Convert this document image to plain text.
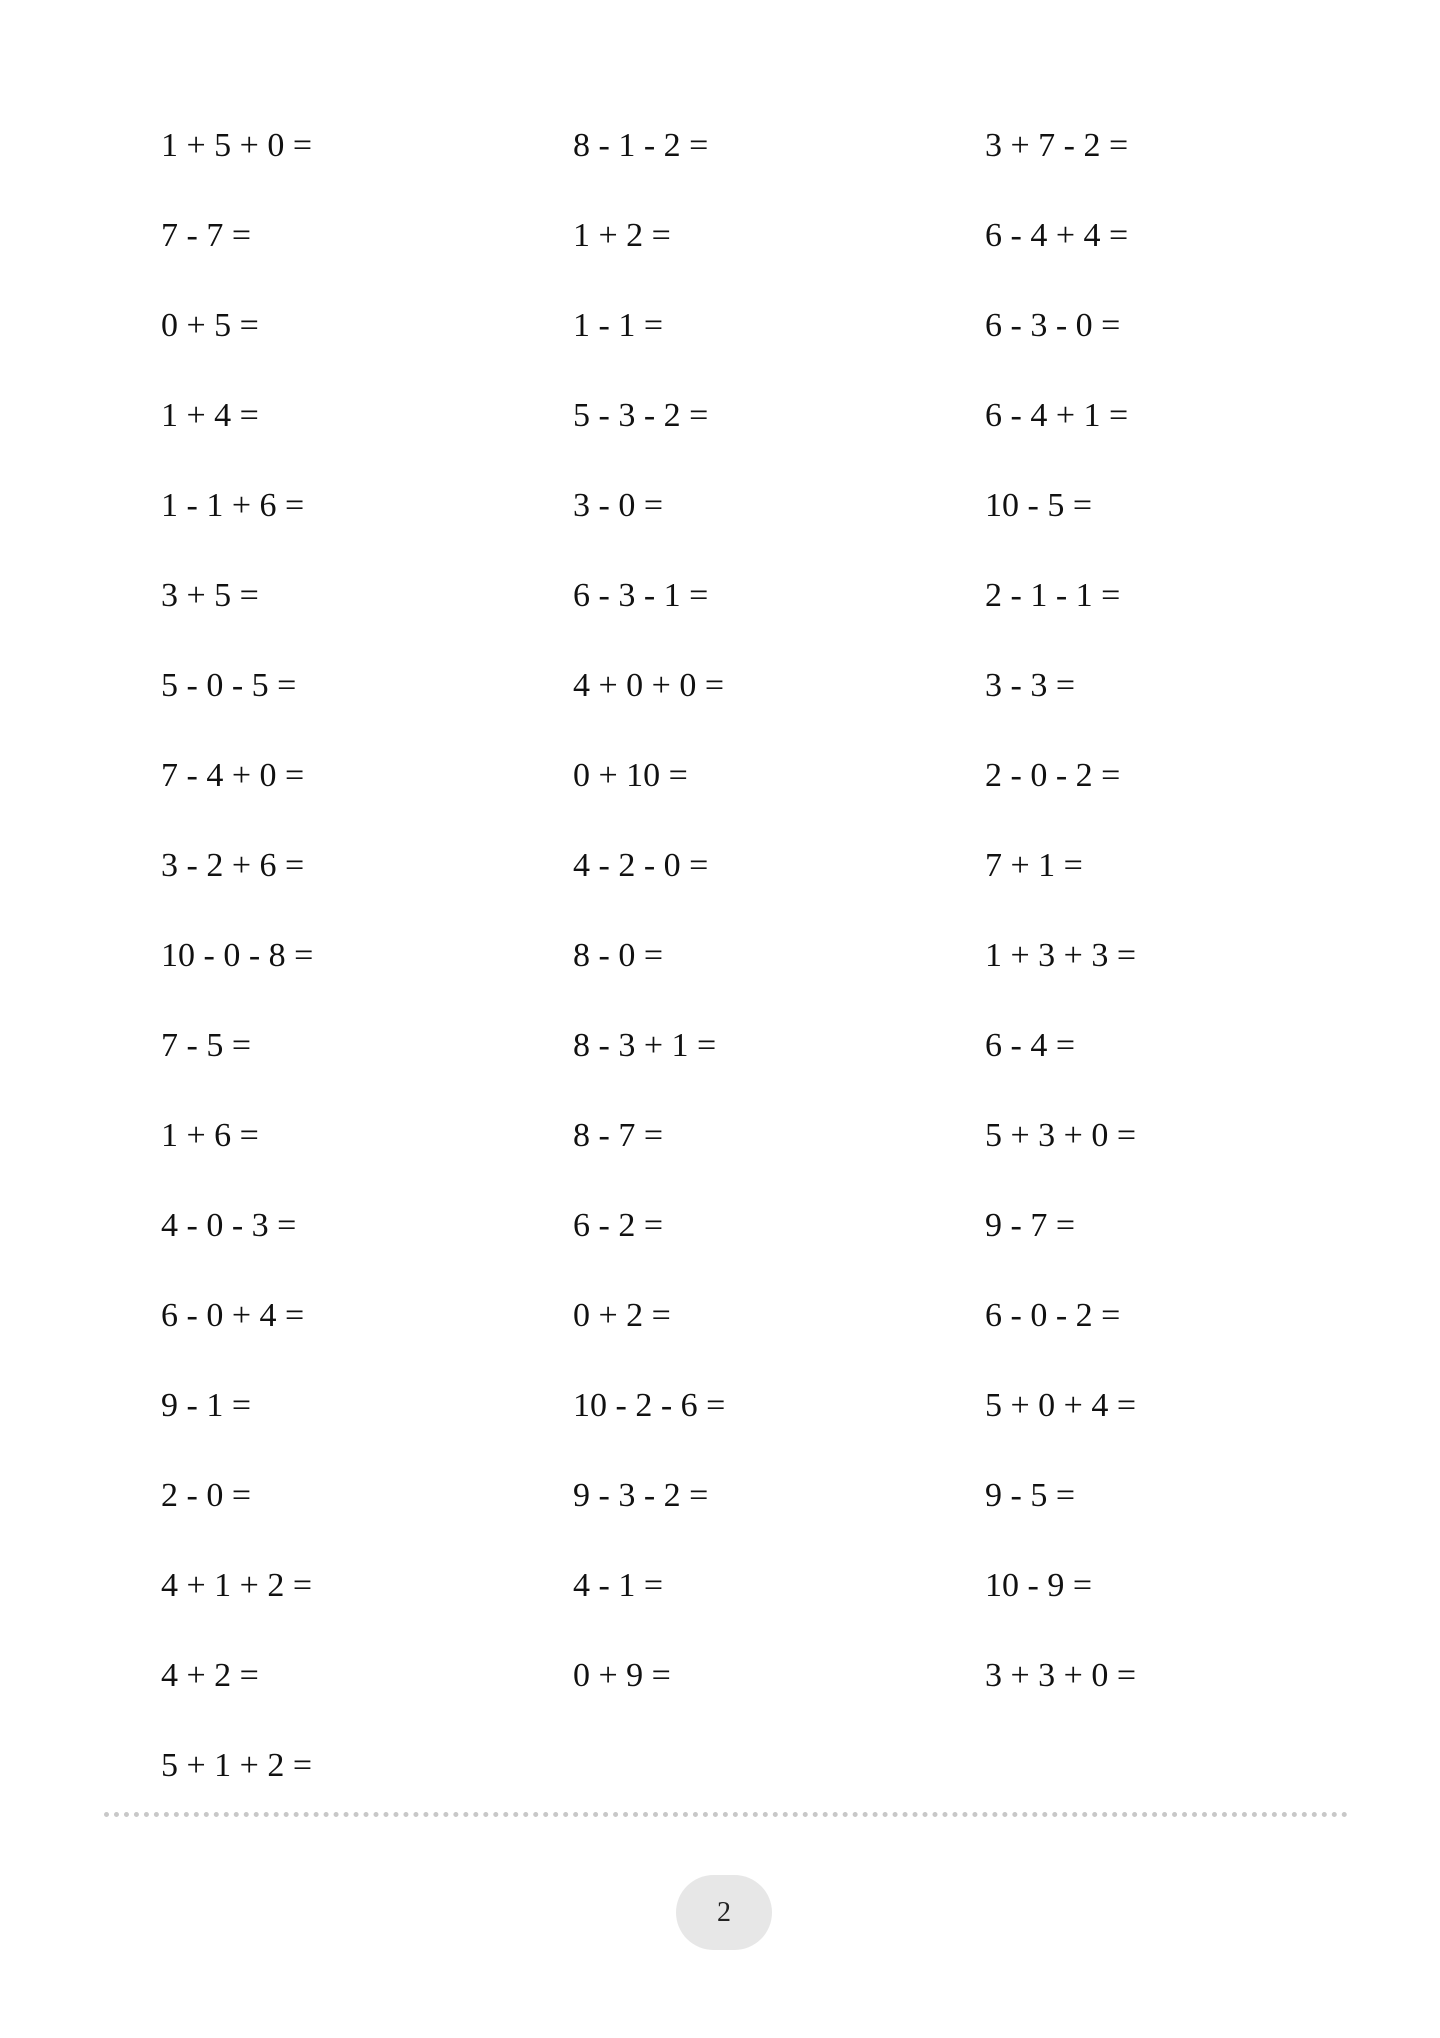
1 + 5 + 0 =	8 - 1 - 2 =	3 + 7 - 2 =
7 - 7 =	1 + 2 =	6 - 4 + 4 =
0 + 5 =	1 - 1 =	6 - 3 - 0 =
1 + 4 =	5 - 3 - 2 =	6 - 4 + 1 =
1 - 1 + 6 =	3 - 0 =	10 - 5 =
3 + 5 =	6 - 3 - 1 =	2 - 1 - 1 =
5 - 0 - 5 =	4 + 0 + 0 =	3 - 3 =
7 - 4 + 0 =	0 + 10 =	2 - 0 - 2 =
3 - 2 + 6 =	4 - 2 - 0 =	7 + 1 =
10 - 0 - 8 =	8 - 0 =	1 + 3 + 3 =
7 - 5 =	8 - 3 + 1 =	6 - 4 =
1 + 6 =	8 - 7 =	5 + 3 + 0 =
4 - 0 - 3 =	6 - 2 =	9 - 7 =
6 - 0 + 4 =	0 + 2 =	6 - 0 - 2 =
9 - 1 =	10 - 2 - 6 =	5 + 0 + 4 =
2 - 0 =	9 - 3 - 2 =	9 - 5 =
4 + 1 + 2 =	4 - 1 =	10 - 9 =
4 + 2 =	0 + 9 =	3 + 3 + 0 =
5 + 1 + 2 =
2
